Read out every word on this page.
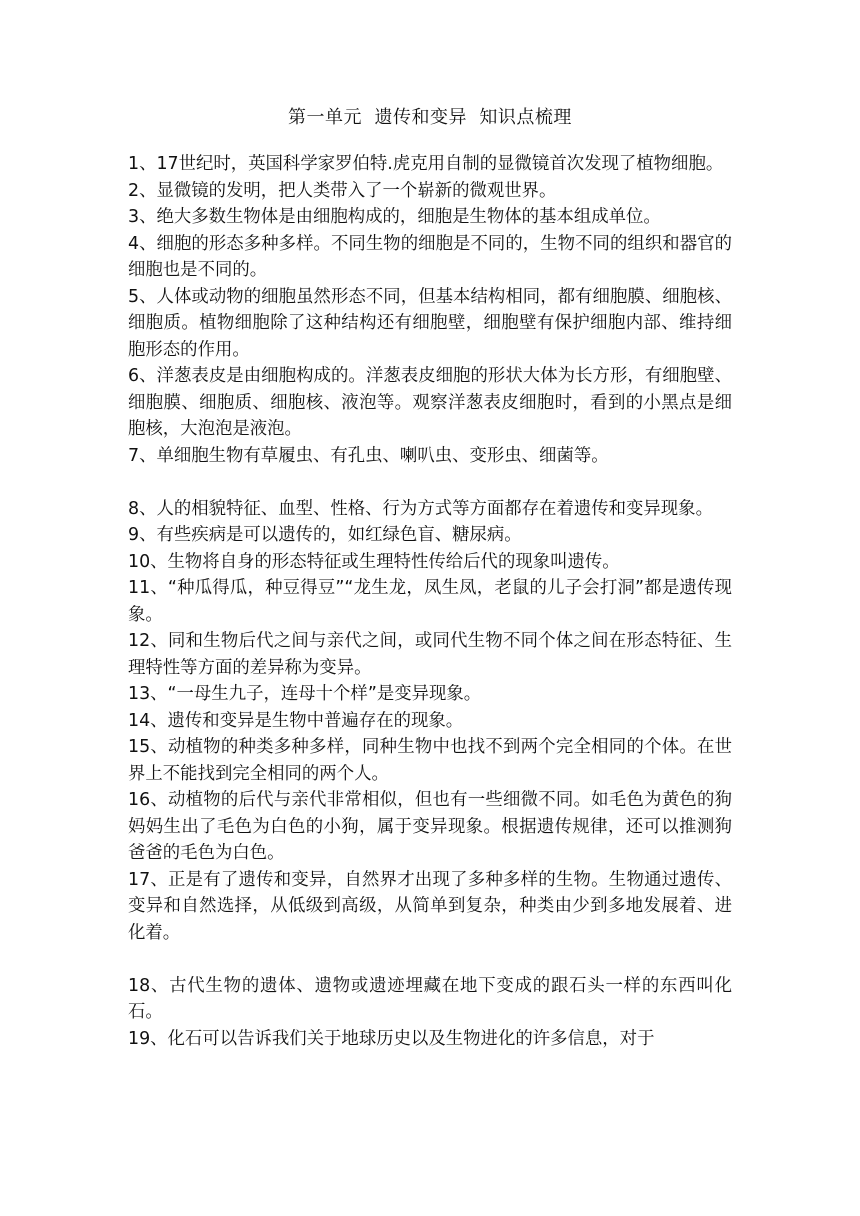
第一单元  遗传和变异  知识点梳理

1、17世纪时，英国科学家罗伯特.虎克用自制的显微镜首次发现了植物细胞。

2、显微镜的发明，把人类带入了一个崭新的微观世界。

3、绝大多数生物体是由细胞构成的，细胞是生物体的基本组成单位。

4、细胞的形态多种多样。不同生物的细胞是不同的，生物不同的组织和器官的细胞也是不同的。

5、人体或动物的细胞虽然形态不同，但基本结构相同，都有细胞膜、细胞核、细胞质。植物细胞除了这种结构还有细胞壁，细胞壁有保护细胞内部、维持细胞形态的作用。

6、洋葱表皮是由细胞构成的。洋葱表皮细胞的形状大体为长方形，有细胞壁、细胞膜、细胞质、细胞核、液泡等。观察洋葱表皮细胞时，看到的小黑点是细胞核，大泡泡是液泡。

7、单细胞生物有草履虫、有孔虫、喇叭虫、变形虫、细菌等。

8、人的相貌特征、血型、性格、行为方式等方面都存在着遗传和变异现象。

9、有些疾病是可以遗传的，如红绿色盲、糖尿病。

10、生物将自身的形态特征或生理特性传给后代的现象叫遗传。

11、“种瓜得瓜，种豆得豆”“龙生龙，凤生凤，老鼠的儿子会打洞”都是遗传现象。

12、同和生物后代之间与亲代之间，或同代生物不同个体之间在形态特征、生理特性等方面的差异称为变异。

13、“一母生九子，连母十个样”是变异现象。

14、遗传和变异是生物中普遍存在的现象。

15、动植物的种类多种多样，同种生物中也找不到两个完全相同的个体。在世界上不能找到完全相同的两个人。

16、动植物的后代与亲代非常相似，但也有一些细微不同。如毛色为黄色的狗妈妈生出了毛色为白色的小狗，属于变异现象。根据遗传规律，还可以推测狗爸爸的毛色为白色。

17、正是有了遗传和变异，自然界才出现了多种多样的生物。生物通过遗传、变异和自然选择，从低级到高级，从简单到复杂，种类由少到多地发展着、进化着。

18、古代生物的遗体、遗物或遗迹埋藏在地下变成的跟石头一样的东西叫化石。

19、化石可以告诉我们关于地球历史以及生物进化的许多信息，对于
